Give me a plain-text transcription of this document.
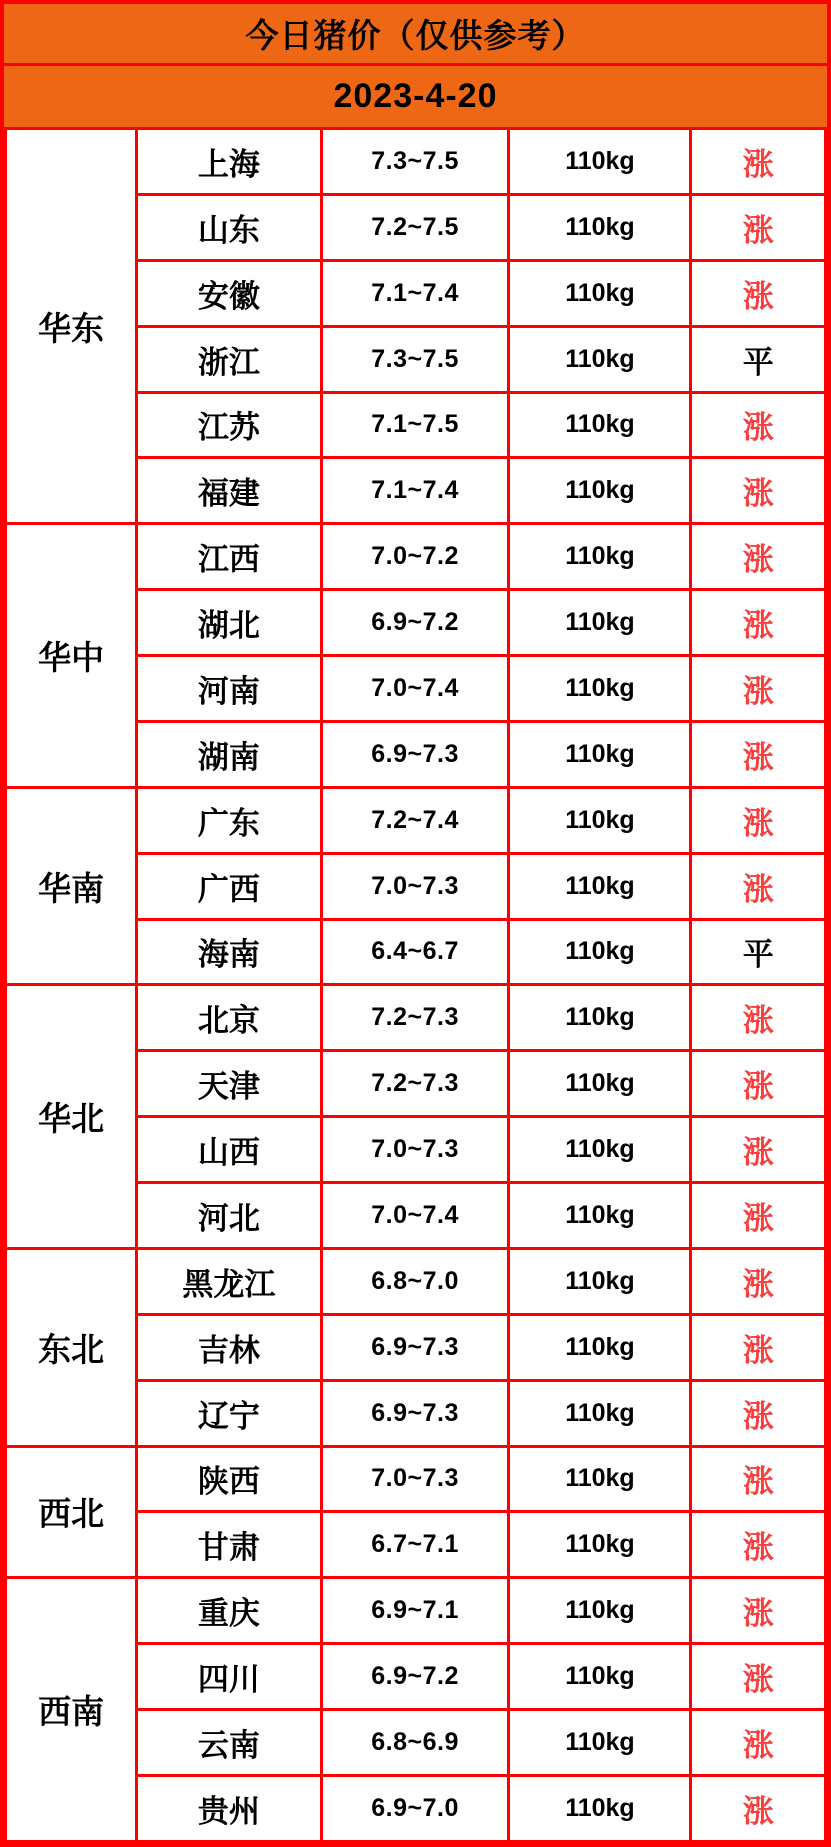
今日猪价（仅供参考）
2023-4-20
华东	上海	7.3~7.5	110kg	涨
	山东	7.2~7.5	110kg	涨
	安徽	7.1~7.4	110kg	涨
	浙江	7.3~7.5	110kg	平
	江苏	7.1~7.5	110kg	涨
	福建	7.1~7.4	110kg	涨
华中	江西	7.0~7.2	110kg	涨
	湖北	6.9~7.2	110kg	涨
	河南	7.0~7.4	110kg	涨
	湖南	6.9~7.3	110kg	涨
华南	广东	7.2~7.4	110kg	涨
	广西	7.0~7.3	110kg	涨
	海南	6.4~6.7	110kg	平
华北	北京	7.2~7.3	110kg	涨
	天津	7.2~7.3	110kg	涨
	山西	7.0~7.3	110kg	涨
	河北	7.0~7.4	110kg	涨
东北	黑龙江	6.8~7.0	110kg	涨
	吉林	6.9~7.3	110kg	涨
	辽宁	6.9~7.3	110kg	涨
西北	陕西	7.0~7.3	110kg	涨
	甘肃	6.7~7.1	110kg	涨
西南	重庆	6.9~7.1	110kg	涨
	四川	6.9~7.2	110kg	涨
	云南	6.8~6.9	110kg	涨
	贵州	6.9~7.0	110kg	涨
